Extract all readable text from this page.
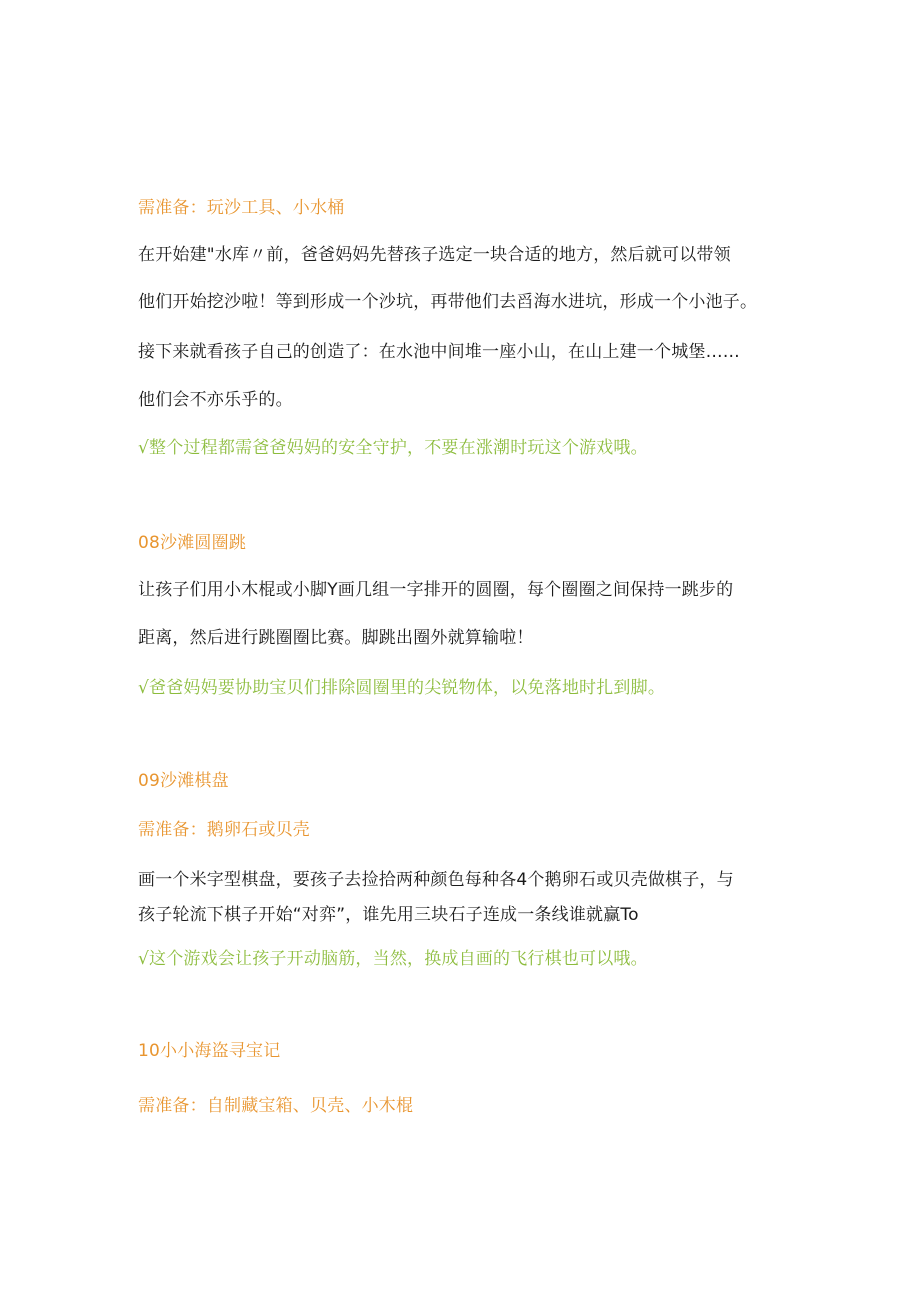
需准备：玩沙工具、小水桶
在开始建"水库〃前，爸爸妈妈先替孩子选定一块合适的地方，然后就可以带领
他们开始挖沙啦！等到形成一个沙坑，再带他们去舀海水进坑，形成一个小池子。
接下来就看孩子自己的创造了：在水池中间堆一座小山，在山上建一个城堡……
他们会不亦乐乎的。
√整个过程都需爸爸妈妈的安全守护，不要在涨潮时玩这个游戏哦。
08沙滩圆圈跳
让孩子们用小木棍或小脚Y画几组一字排开的圆圈，每个圈圈之间保持一跳步的
距离，然后进行跳圈圈比赛。脚跳出圈外就算输啦！
√爸爸妈妈要协助宝贝们排除圆圈里的尖锐物体，以免落地时扎到脚。
09沙滩棋盘
需准备：鹅卵石或贝壳
画一个米字型棋盘，要孩子去捡拾两种颜色每种各4个鹅卵石或贝壳做棋子，与
孩子轮流下棋子开始“对弈”，谁先用三块石子连成一条线谁就赢To
√这个游戏会让孩子开动脑筋，当然，换成自画的飞行棋也可以哦。
10小小海盗寻宝记
需准备：自制藏宝箱、贝壳、小木棍
